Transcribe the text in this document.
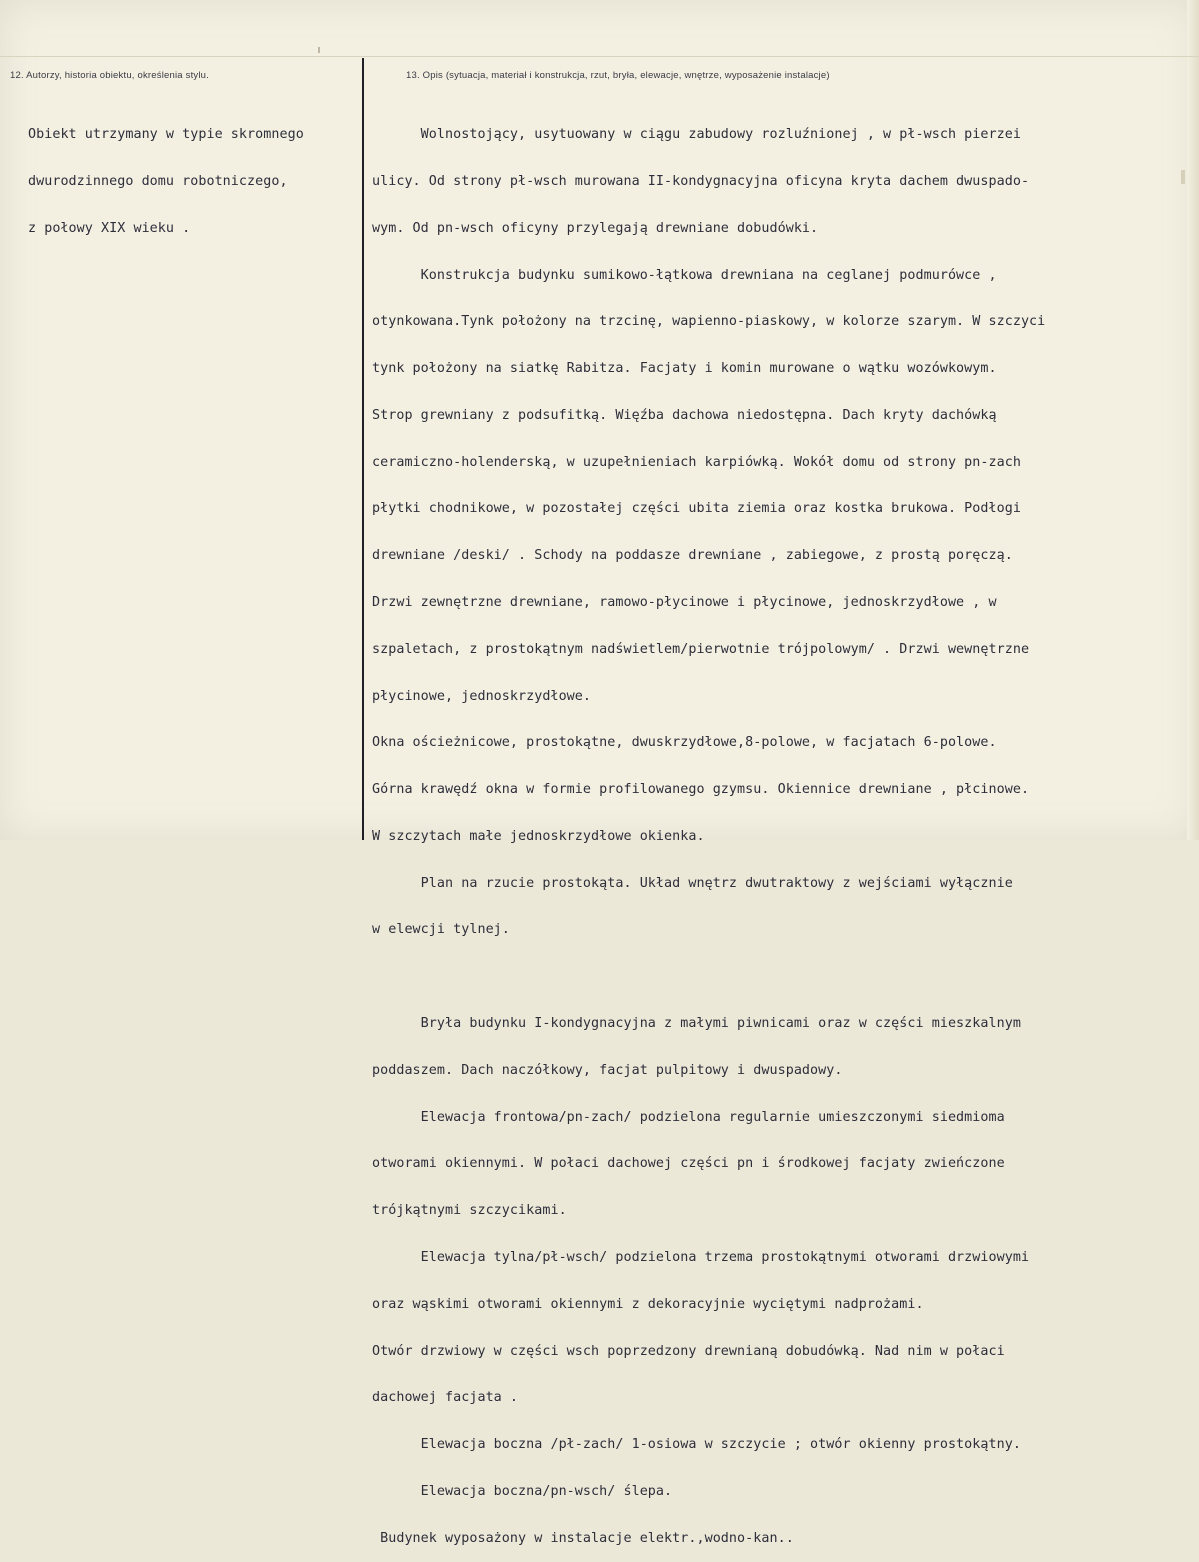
12. Autorzy, historia obiektu, określenia stylu.	13. Opis (sytuacja, materiał i konstrukcja, rzut, bryła, elewacje, wnętrze, wyposażenie instalacje)

Obiekt utrzymany w typie skromnego

dwurodzinnego domu robotniczego,

z połowy XIX wieku .

Wolnostojący, usytuowany w ciągu zabudowy rozluźnionej , w pł-wsch pierzei

ulicy. Od strony pł-wsch murowana II-kondygnacyjna oficyna kryta dachem dwuspado-

wym. Od pn-wsch oficyny przylegają drewniane dobudówki.

Konstrukcja budynku sumikowo-łątkowa drewniana na ceglanej podmurówce ,

otynkowana.Tynk położony na trzcinę, wapienno-piaskowy, w kolorze szarym. W szczyci

tynk położony na siatkę Rabitza. Facjaty i komin murowane o wątku wozówkowym.

Strop grewniany z podsufitką. Więźba dachowa niedostępna. Dach kryty dachówką

ceramiczno-holenderską, w uzupełnieniach karpiówką. Wokół domu od strony pn-zach

płytki chodnikowe, w pozostałej części ubita ziemia oraz kostka brukowa. Podłogi

drewniane /deski/ . Schody na poddasze drewniane , zabiegowe, z prostą poręczą.

Drzwi zewnętrzne drewniane, ramowo-płycinowe i płycinowe, jednoskrzydłowe , w

szpaletach, z prostokątnym nadświetlem/pierwotnie trójpolowym/ . Drzwi wewnętrzne

płycinowe, jednoskrzydłowe.

Okna ościeżnicowe, prostokątne, dwuskrzydłowe,8-polowe, w facjatach 6-polowe.

Górna krawędź okna w formie profilowanego gzymsu. Okiennice drewniane , płcinowe.

W szczytach małe jednoskrzydłowe okienka.

Plan na rzucie prostokąta. Układ wnętrz dwutraktowy z wejściami wyłącznie

w elewcji tylnej.

Bryła budynku I-kondygnacyjna z małymi piwnicami oraz w części mieszkalnym

poddaszem. Dach naczółkowy, facjat pulpitowy i dwuspadowy.

Elewacja frontowa/pn-zach/ podzielona regularnie umieszczonymi siedmioma

otworami okiennymi. W połaci dachowej części pn i środkowej facjaty zwieńczone

trójkątnymi szczycikami.

Elewacja tylna/pł-wsch/ podzielona trzema prostokątnymi otworami drzwiowymi

oraz wąskimi otworami okiennymi z dekoracyjnie wyciętymi nadprożami.

Otwór drzwiowy w części wsch poprzedzony drewnianą dobudówką. Nad nim w połaci

dachowej facjata .

Elewacja boczna /pł-zach/ 1-osiowa w szczycie ; otwór okienny prostokątny.

Elewacja boczna/pn-wsch/ ślepa.

Budynek wyposażony w instalacje elektr.,wodno-kan..
